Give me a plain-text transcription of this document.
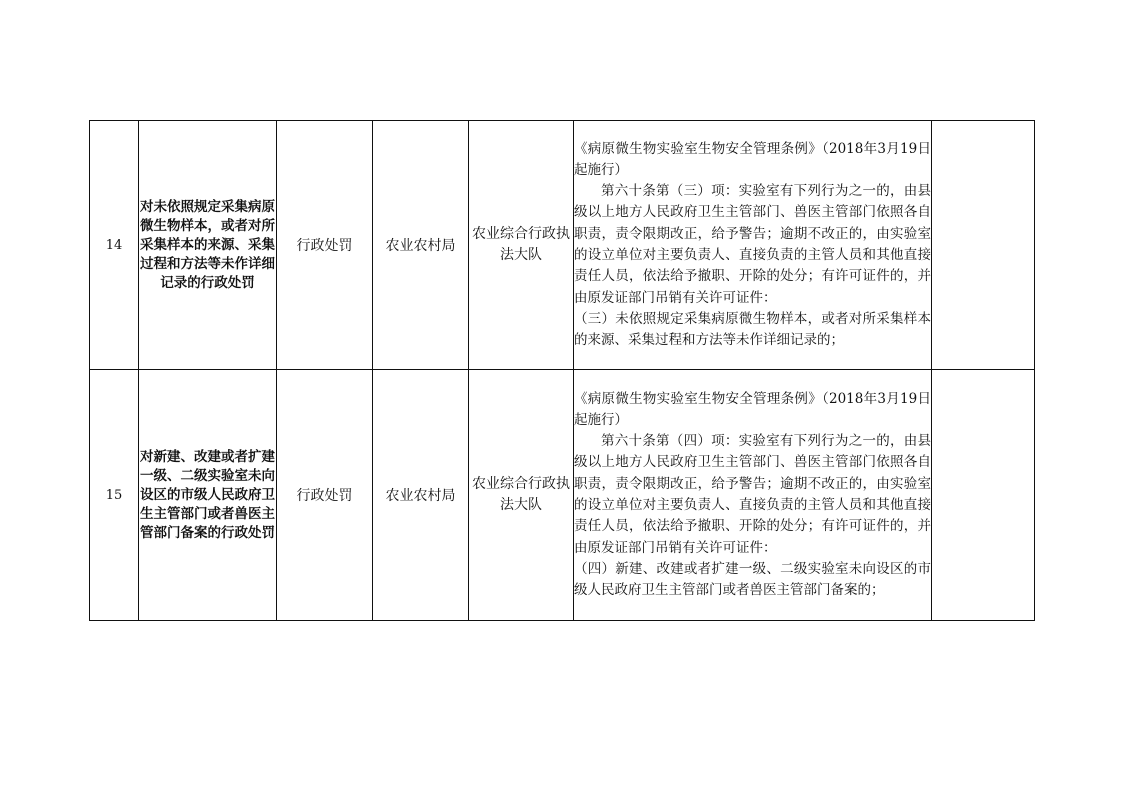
14	对未依照规定采集病原微生物样本，或者对所采集样本的来源、采集过程和方法等未作详细记录的行政处罚	行政处罚	农业农村局	农业综合行政执法大队	《病原微生物实验室生物安全管理条例》（2018年3月19日起施行）

第六十条第（三）项：实验室有下列行为之一的，由县级以上地方人民政府卫生主管部门、兽医主管部门依照各自职责，责令限期改正，给予警告；逾期不改正的，由实验室的设立单位对主要负责人、直接负责的主管人员和其他直接责任人员，依法给予撤职、开除的处分；有许可证件的，并由原发证部门吊销有关许可证件：

（三）未依照规定采集病原微生物样本，或者对所采集样本的来源、采集过程和方法等未作详细记录的；	

15	对新建、改建或者扩建一级、二级实验室未向设区的市级人民政府卫生主管部门或者兽医主管部门备案的行政处罚	行政处罚	农业农村局	农业综合行政执法大队	《病原微生物实验室生物安全管理条例》（2018年3月19日起施行）

第六十条第（四）项：实验室有下列行为之一的，由县级以上地方人民政府卫生主管部门、兽医主管部门依照各自职责，责令限期改正，给予警告；逾期不改正的，由实验室的设立单位对主要负责人、直接负责的主管人员和其他直接责任人员，依法给予撤职、开除的处分；有许可证件的，并由原发证部门吊销有关许可证件：

（四）新建、改建或者扩建一级、二级实验室未向设区的市级人民政府卫生主管部门或者兽医主管部门备案的；	
